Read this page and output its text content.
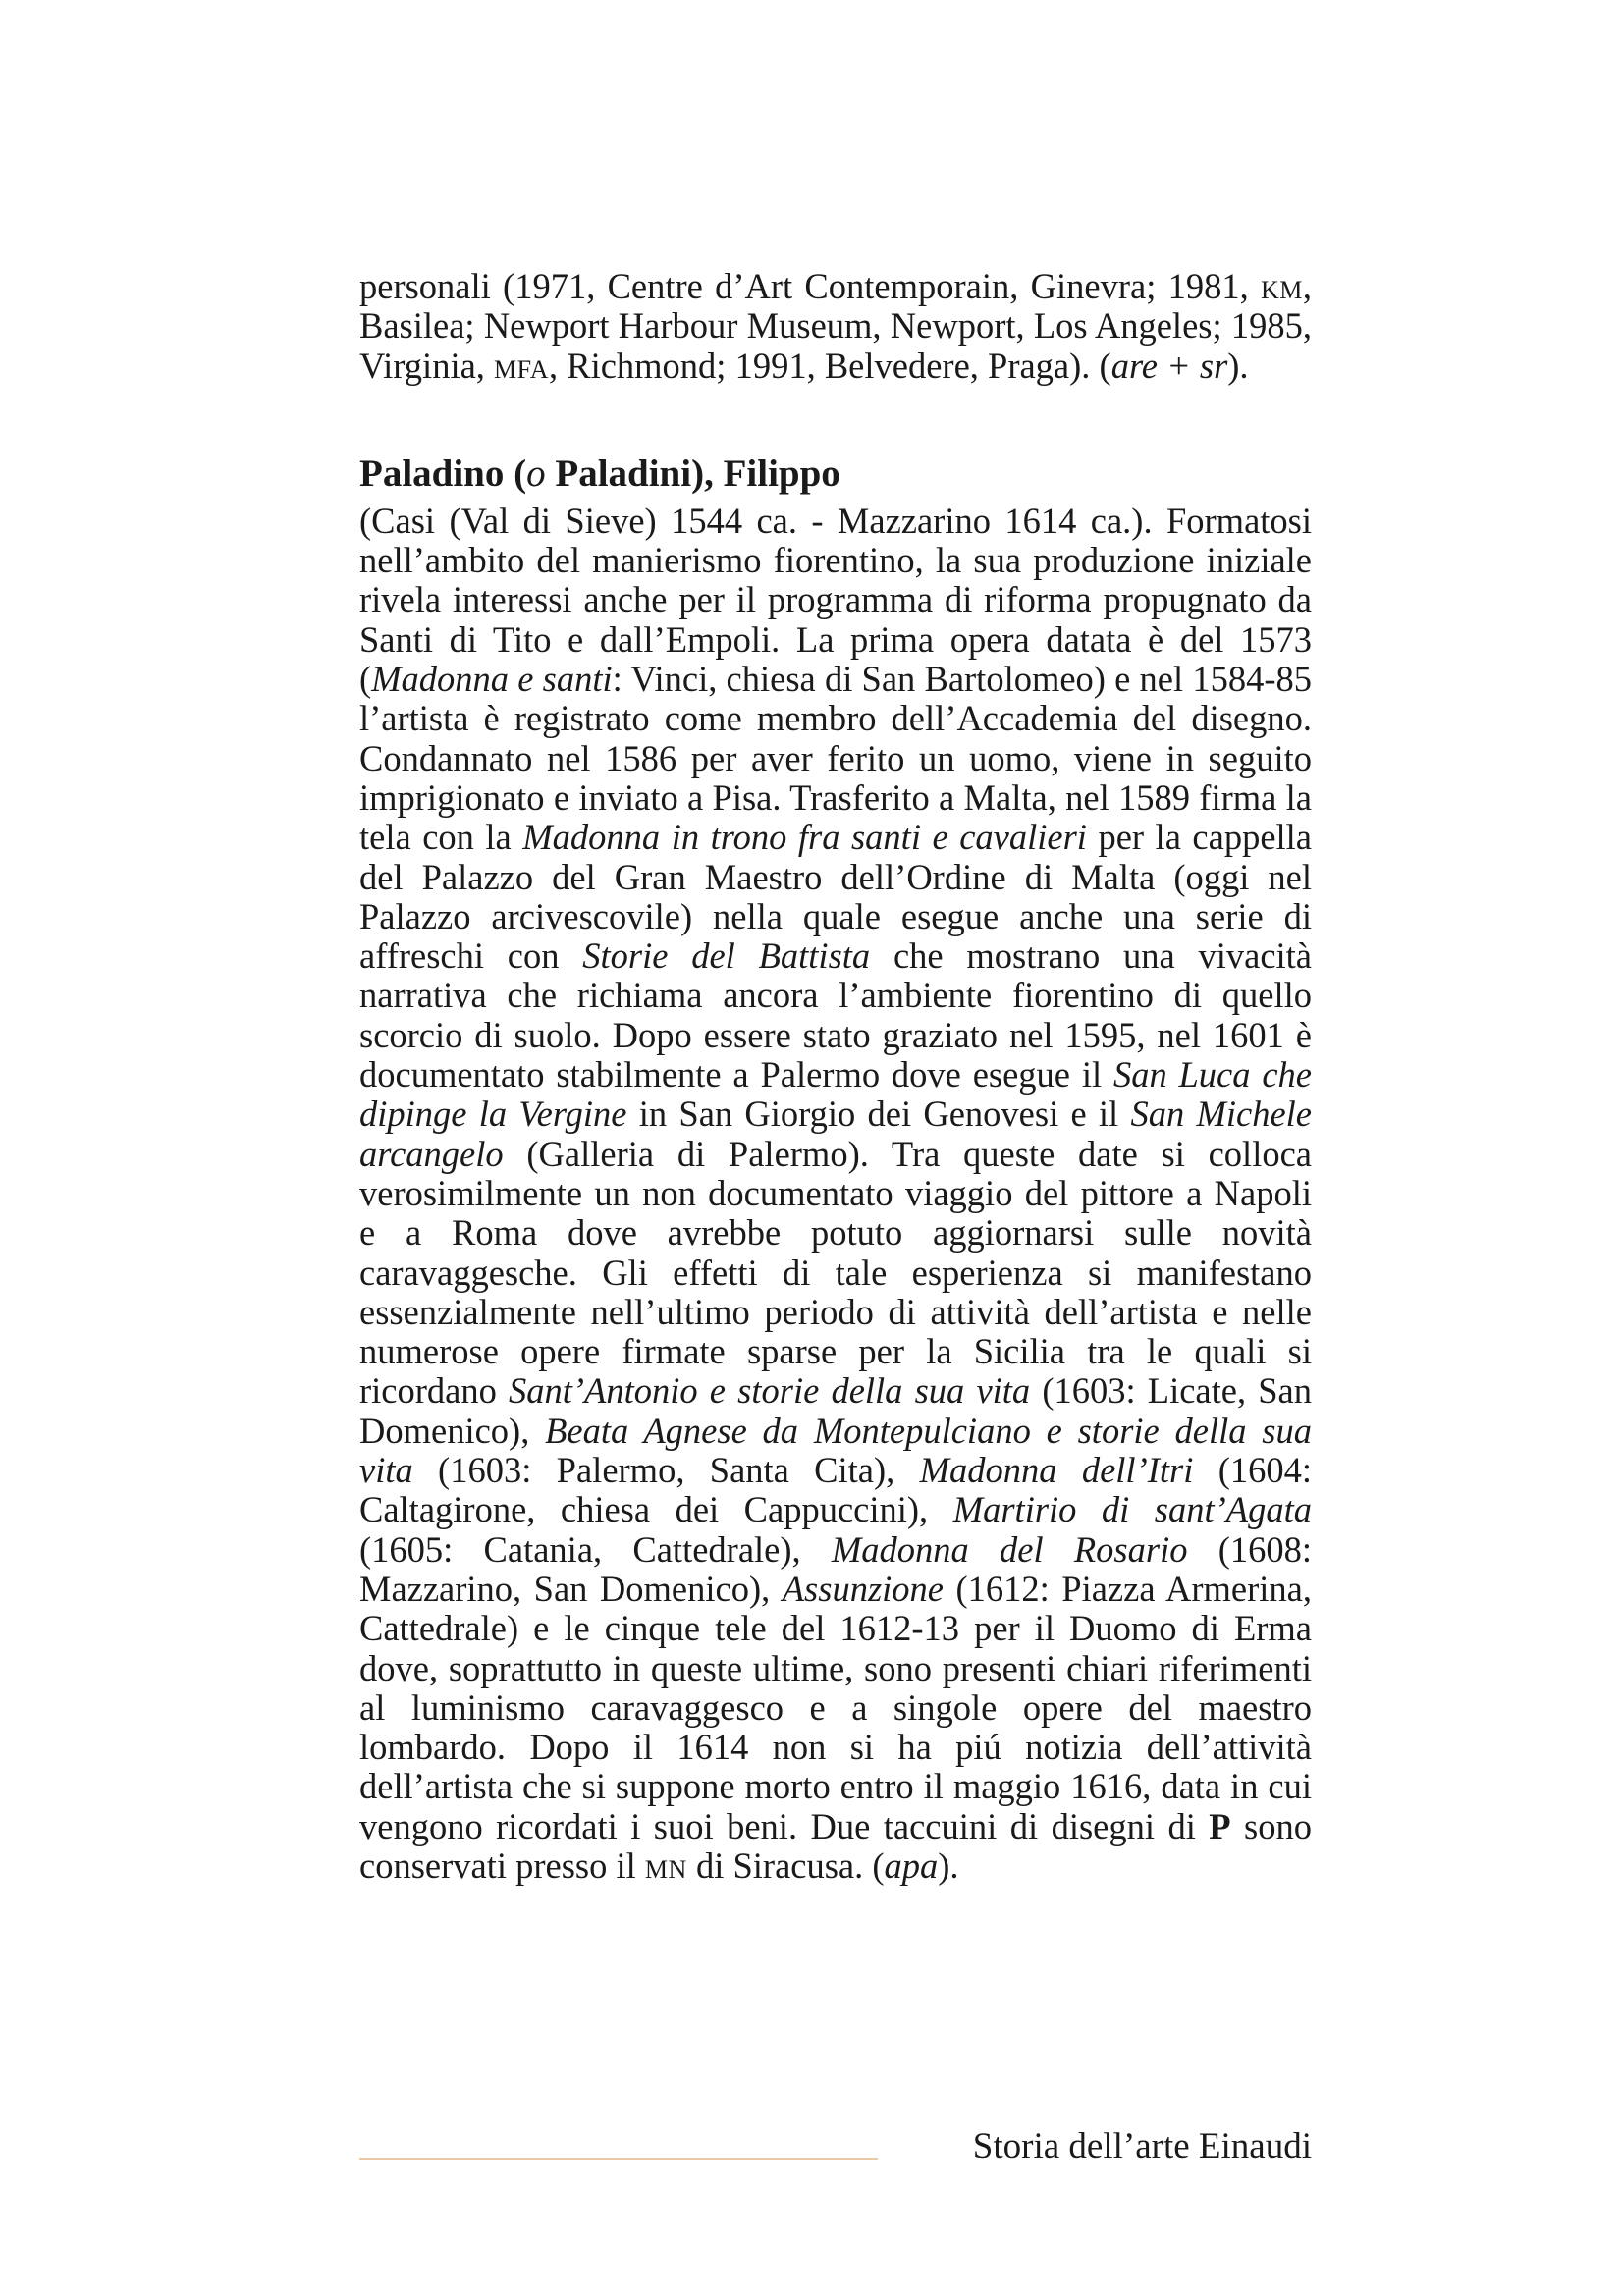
personali (1971, Centre d’Art Contemporain, Ginevra; 1981, km, Basilea; Newport Harbour Museum, Newport, Los Angeles; 1985, Virginia, mfa, Richmond; 1991, Belvedere, Praga). (are + sr).

Paladino (o Paladini), Filippo

(Casi (Val di Sieve) 1544 ca. - Mazzarino 1614 ca.). Formatosi nell’ambito del manierismo fiorentino, la sua produzione iniziale rivela interessi anche per il programma di riforma propugnato da Santi di Tito e dall’Empoli. La prima opera datata è del 1573 (Madonna e santi: Vinci, chiesa di San Bartolomeo) e nel 1584-85 l’artista è registrato come membro dell’Accademia del disegno. Condannato nel 1586 per aver ferito un uomo, viene in seguito imprigionato e inviato a Pisa. Trasferito a Malta, nel 1589 firma la tela con la Madonna in trono fra santi e cavalieri per la cappella del Palazzo del Gran Maestro dell’Ordine di Malta (oggi nel Palazzo arcivescovile) nella quale esegue anche una serie di affreschi con Storie del Battista che mostrano una vivacità narrativa che richiama ancora l’ambiente fiorentino di quello scorcio di suolo. Dopo essere stato graziato nel 1595, nel 1601 è documentato stabilmente a Palermo dove esegue il San Luca che dipinge la Vergine in San Giorgio dei Genovesi e il San Michele arcangelo (Galleria di Palermo). Tra queste date si colloca verosimilmente un non documentato viaggio del pittore a Napoli e a Roma dove avrebbe potuto aggiornarsi sulle novità caravaggesche. Gli effetti di tale esperienza si manifestano essenzialmente nell’ultimo periodo di attività dell’artista e nelle numerose opere firmate sparse per la Sicilia tra le quali si ricordano Sant’Antonio e storie della sua vita (1603: Licate, San Domenico), Beata Agnese da Montepulciano e storie della sua vita (1603: Palermo, Santa Cita), Madonna dell’Itri (1604: Caltagirone, chiesa dei Cappuccini), Martirio di sant’Agata (1605: Catania, Cattedrale), Madonna del Rosario (1608: Mazzarino, San Domenico), Assunzione (1612: Piazza Armerina, Cattedrale) e le cinque tele del 1612-13 per il Duomo di Erma dove, soprattutto in queste ultime, sono presenti chiari riferimenti al luminismo caravaggesco e a singole opere del maestro lombardo. Dopo il 1614 non si ha piú notizia dell’attività dell’artista che si suppone morto entro il maggio 1616, data in cui vengono ricordati i suoi beni. Due taccuini di disegni di P sono conservati presso il mn di Siracusa. (apa).

Storia dell’arte Einaudi
